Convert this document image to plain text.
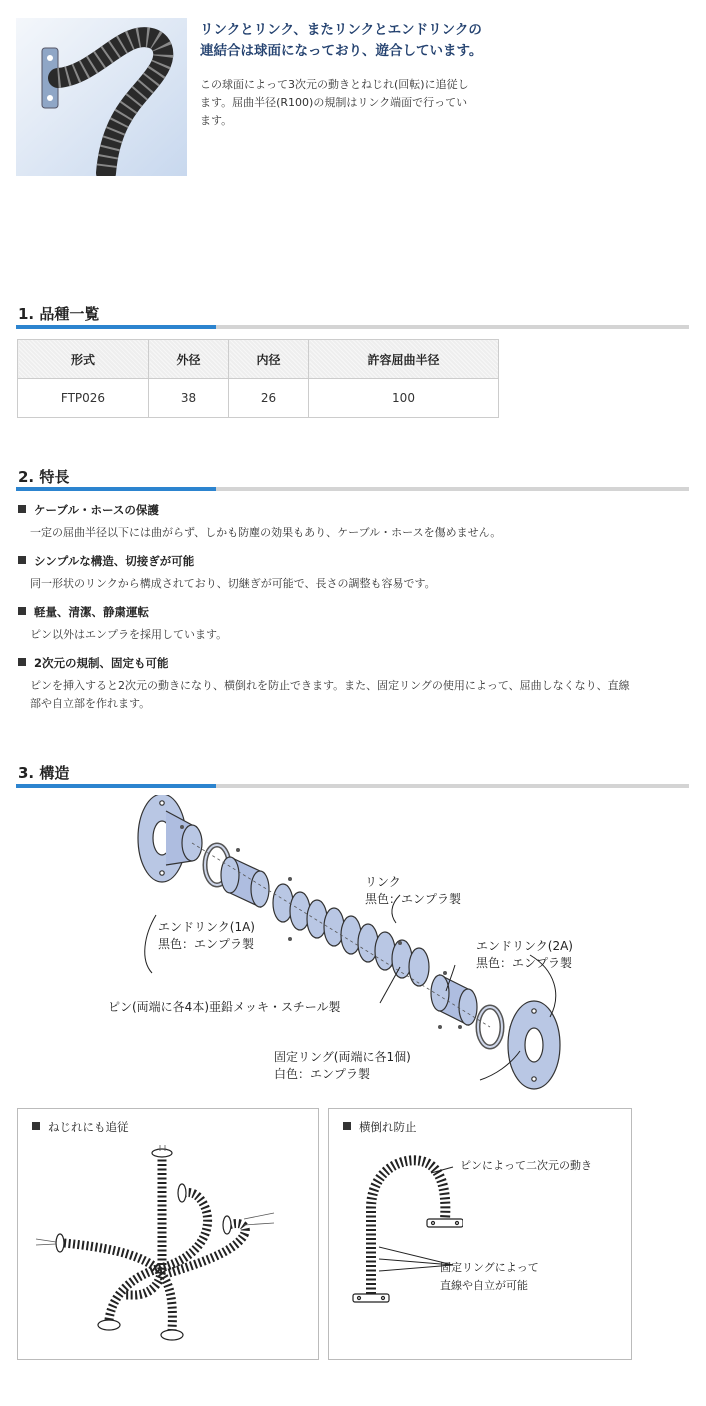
リンクとリンク、またリンクとエンドリンクの
連結合は球面になっており、遊合しています。
この球面によって3次元の動きとねじれ(回転)に追従し
ます。屈曲半径(R100)の規制はリンク端面で行ってい
ます。
1. 品種一覧
形式	外径	内径	許容屈曲半径
FTP026	38	26	100
2. 特長
ケーブル・ホースの保護
一定の屈曲半径以下には曲がらず、しかも防塵の効果もあり、ケーブル・ホースを傷めません。
シンプルな構造、切接ぎが可能
同一形状のリンクから構成されており、切継ぎが可能で、長さの調整も容易です。
軽量、清潔、静粛運転
ピン以外はエンプラを採用しています。
2次元の規制、固定も可能
ピンを挿入すると2次元の動きになり、横倒れを防止できます。また、固定リングの使用によって、屈曲しなくなり、直線
部や自立部を作れます。
3. 構造
リンク
黒色：エンプラ製
エンドリンク(1A)
黒色：エンプラ製	エンドリンク(2A)
黒色：エンプラ製
ピン(両端に各4本)亜鉛メッキ・スチール製
固定リング(両端に各1個)
白色：エンプラ製
ねじれにも追従	横倒れ防止
ピンによって二次元の動き
固定リングによって
直線や自立が可能
